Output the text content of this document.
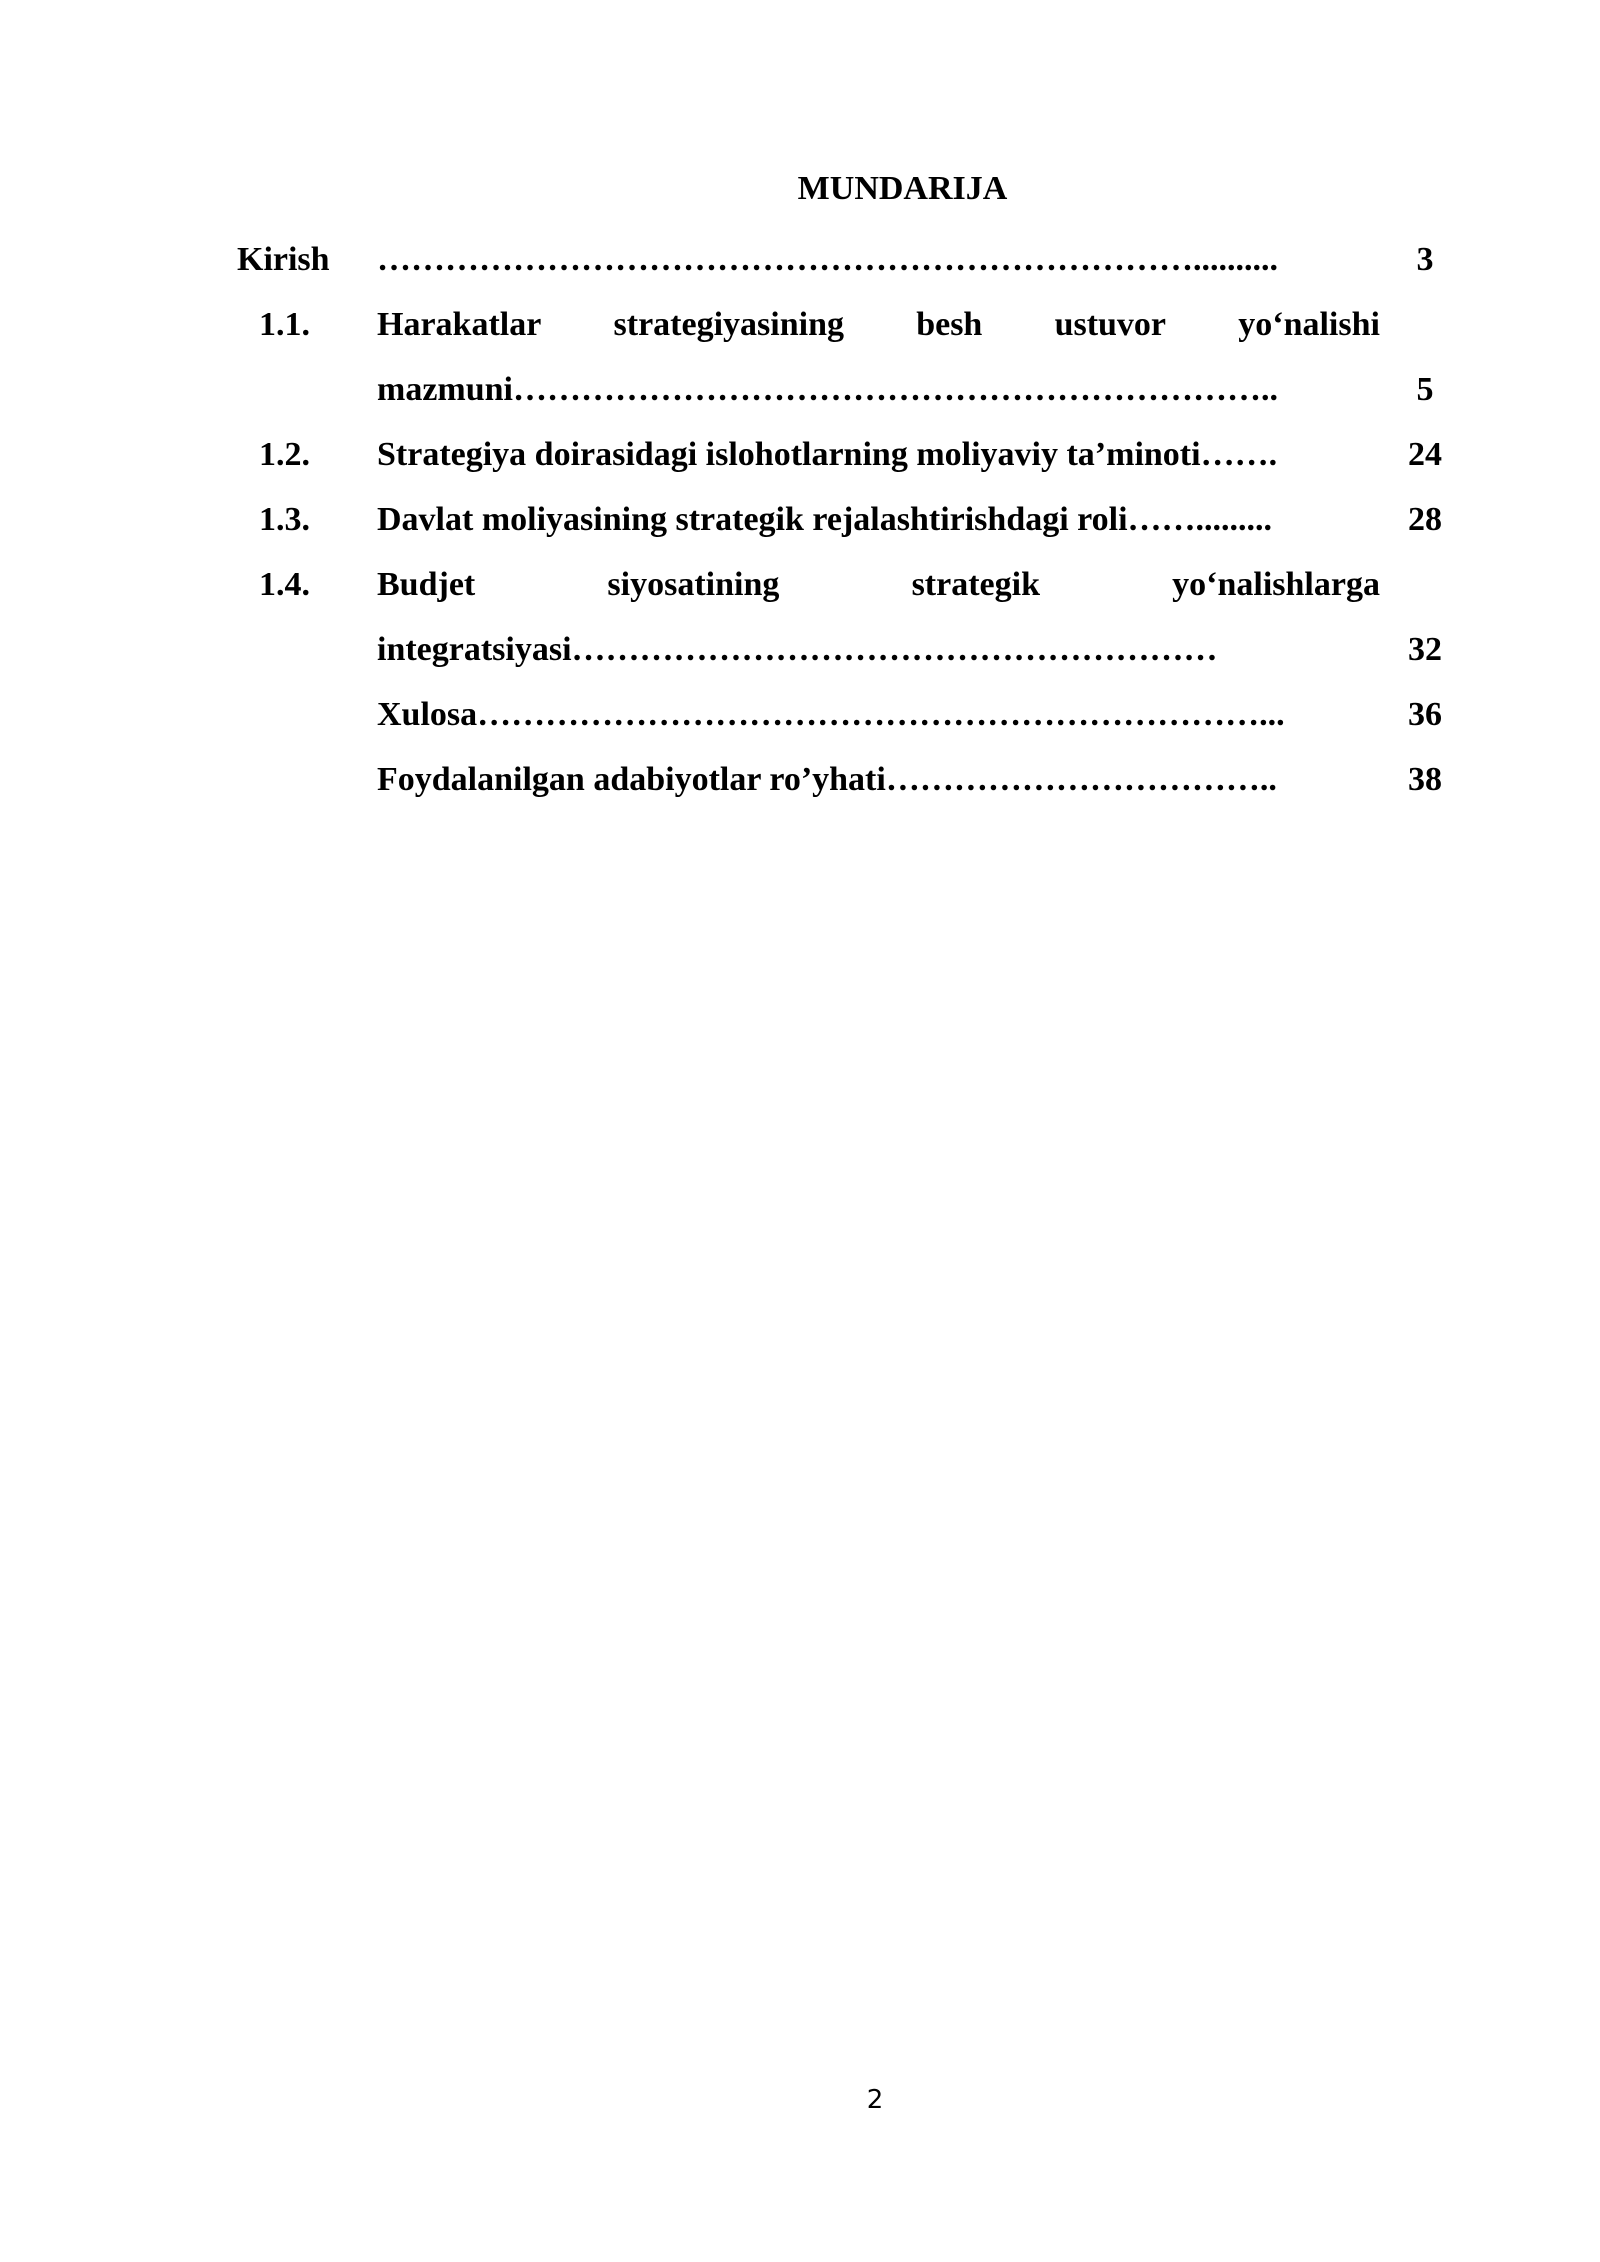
MUNDARIJA
Kirish ………………………………………………………………..........	3
1.1. Harakatlar strategiyasining besh ustuvor yo‘nalishi
mazmuni…………………………………………………………..	5
1.2. Strategiya doirasidagi islohotlarning moliyaviy ta’minoti…….	24
1.3. Davlat moliyasining strategik rejalashtirishdagi roli…….........	28
1.4. Budjet	siyosatining	strategik	yo‘nalishlarga
integratsiyasi…………………………………………………	32
Xulosa……………………………………………………………...	36
Foydalanilgan adabiyotlar ro’yhati……………………………..	38
2
